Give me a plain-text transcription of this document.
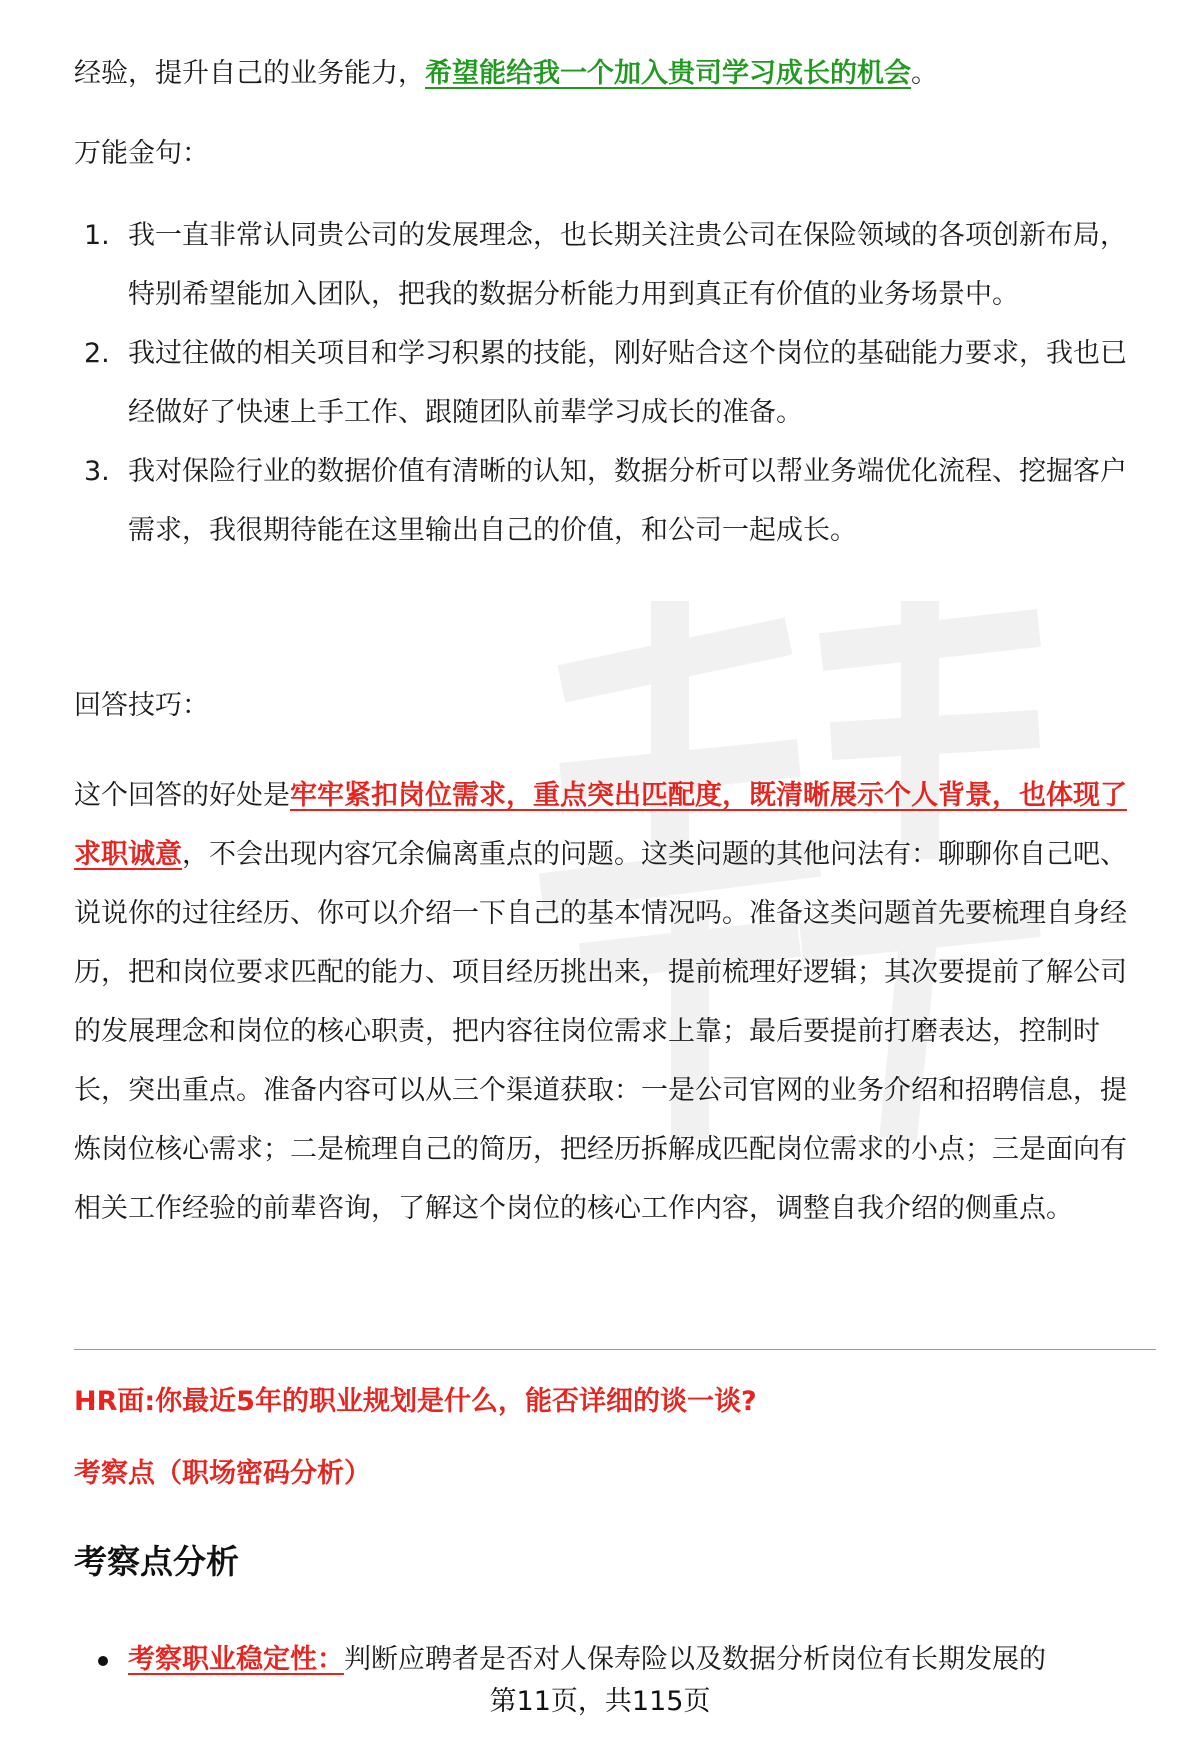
经验，提升自己的业务能力，希望能给我一个加入贵司学习成长的机会。

万能金句：

1. 我一直非常认同贵公司的发展理念，也长期关注贵公司在保险领域的各项创新布局，特别希望能加入团队，把我的数据分析能力用到真正有价值的业务场景中。
2. 我过往做的相关项目和学习积累的技能，刚好贴合这个岗位的基础能力要求，我也已经做好了快速上手工作、跟随团队前辈学习成长的准备。
3. 我对保险行业的数据价值有清晰的认知，数据分析可以帮业务端优化流程、挖掘客户需求，我很期待能在这里输出自己的价值，和公司一起成长。

回答技巧：

这个回答的好处是牢牢紧扣岗位需求，重点突出匹配度，既清晰展示个人背景，也体现了求职诚意，不会出现内容冗余偏离重点的问题。这类问题的其他问法有：聊聊你自己吧、说说你的过往经历、你可以介绍一下自己的基本情况吗。准备这类问题首先要梳理自身经历，把和岗位要求匹配的能力、项目经历挑出来，提前梳理好逻辑；其次要提前了解公司的发展理念和岗位的核心职责，把内容往岗位需求上靠；最后要提前打磨表达，控制时长，突出重点。准备内容可以从三个渠道获取：一是公司官网的业务介绍和招聘信息，提炼岗位核心需求；二是梳理自己的简历，把经历拆解成匹配岗位需求的小点；三是面向有相关工作经验的前辈咨询，了解这个岗位的核心工作内容，调整自我介绍的侧重点。

HR面:你最近5年的职业规划是什么，能否详细的谈一谈?
考察点（职场密码分析）
考察点分析
考察职业稳定性：判断应聘者是否对人保寿险以及数据分析岗位有长期发展的
第11页，共115页
